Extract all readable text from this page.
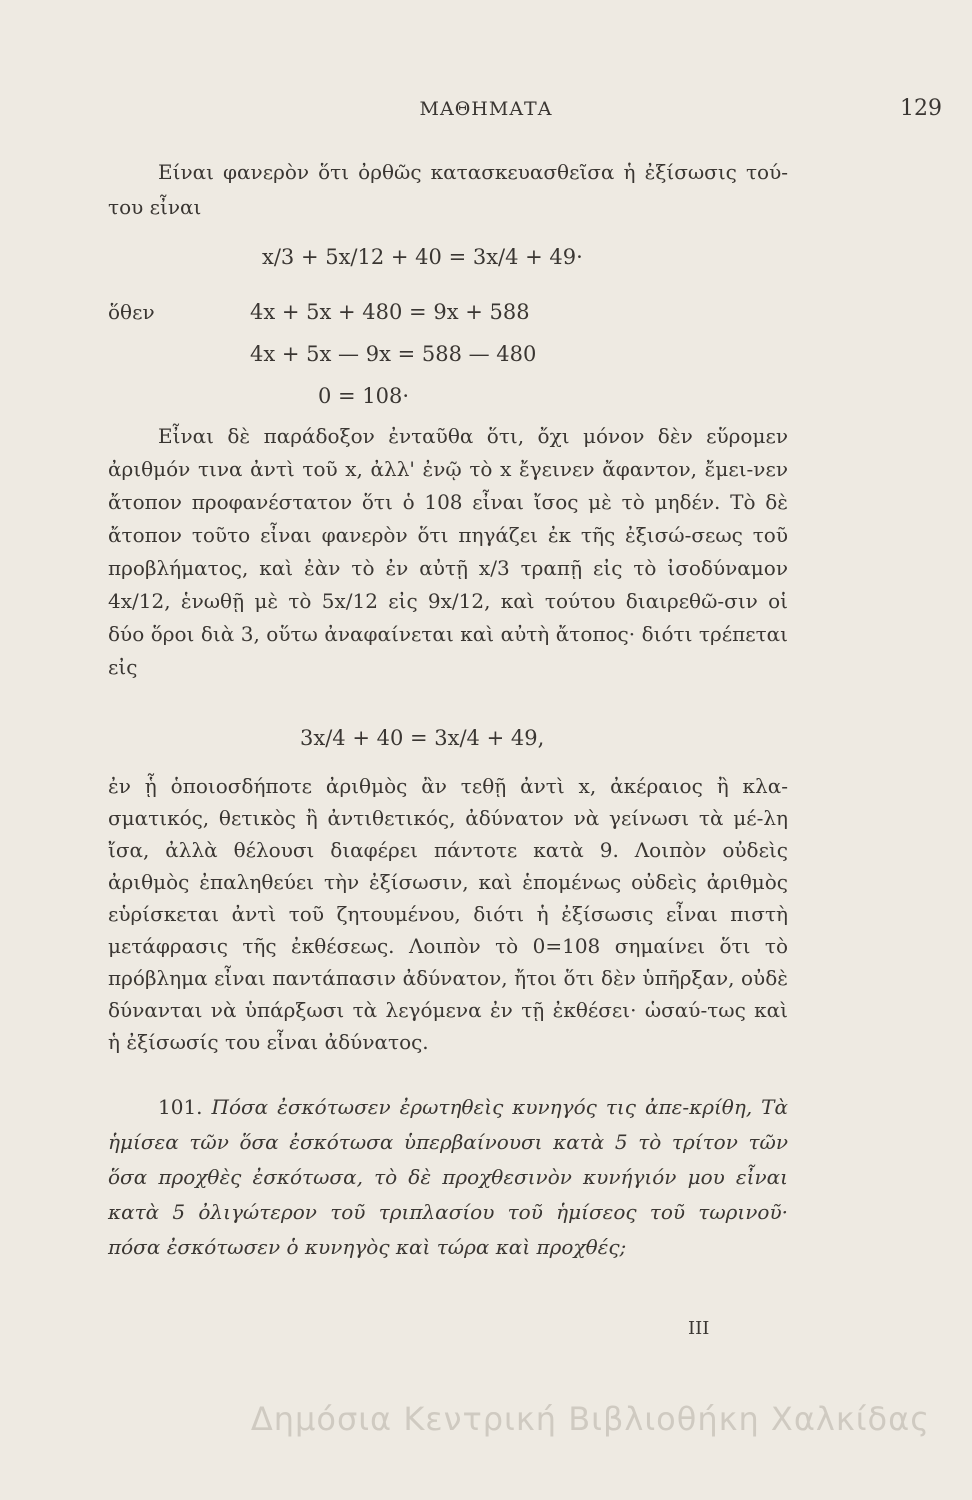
ΜΑΘΗΜΑΤΑ	129
Είναι φανερὸν ὅτι ὀρθῶς κατασκευασθεῖσα ἡ ἐξίσωσις τού-του εἶναι
x/3 + 5x/12 + 40 = 3x/4 + 49·
ὅθεν	4x + 5x + 480 = 9x + 588
4x + 5x — 9x = 588 — 480
0 = 108·
Εἶναι δὲ παράδοξον ἐνταῦθα ὅτι, ὄχι μόνον δὲν εὕρομεν ἀριθμόν τινα ἀντὶ τοῦ x, ἀλλ' ἐνῷ τὸ x ἔγεινεν ἄφαντον, ἔμει-νεν ἄτοπον προφανέστατον ὅτι ὁ 108 εἶναι ἴσος μὲ τὸ μηδέν. Τὸ δὲ ἄτοπον τοῦτο εἶναι φανερὸν ὅτι πηγάζει ἐκ τῆς ἐξισώ-σεως τοῦ προβλήματος, καὶ ἐὰν τὸ ἐν αὐτῇ x/3 τραπῇ εἰς τὸ ἰσοδύναμον 4x/12, ἑνωθῇ μὲ τὸ 5x/12 εἰς 9x/12, καὶ τούτου διαιρεθῶ-σιν οἱ δύο ὅροι διὰ 3, οὕτω ἀναφαίνεται καὶ αὐτὴ ἄτοπος· διότι τρέπεται εἰς
3x/4 + 40 = 3x/4 + 49,
ἐν ᾗ ὁποιοσδήποτε ἀριθμὸς ἂν τεθῇ ἀντὶ x, ἀκέραιος ἢ κλα-σματικός, θετικὸς ἢ ἀντιθετικός, ἀδύνατον νὰ γείνωσι τὰ μέ-λη ἴσα, ἀλλὰ θέλουσι διαφέρει πάντοτε κατὰ 9. Λοιπὸν οὐδεὶς ἀριθμὸς ἐπαληθεύει τὴν ἐξίσωσιν, καὶ ἑπομένως οὐδεὶς ἀριθμὸς εὑρίσκεται ἀντὶ τοῦ ζητουμένου, διότι ἡ ἐξίσωσις εἶναι πιστὴ μετάφρασις τῆς ἐκθέσεως. Λοιπὸν τὸ 0=108 σημαίνει ὅτι τὸ πρόβλημα εἶναι παντάπασιν ἀδύνατον, ἤτοι ὅτι δὲν ὑπῆρξαν, οὐδὲ δύνανται νὰ ὑπάρξωσι τὰ λεγόμενα ἐν τῇ ἐκθέσει· ὡσαύ-τως καὶ ἡ ἐξίσωσίς του εἶναι ἀδύνατος.
101. Πόσα ἐσκότωσεν ἐρωτηθεὶς κυνηγός τις ἀπε-κρίθη, Τὰ ἡμίσεα τῶν ὅσα ἐσκότωσα ὑπερβαίνουσι κατὰ 5 τὸ τρίτον τῶν ὅσα προχθὲς ἐσκότωσα, τὸ δὲ προχθεσινὸν κυνήγιόν μου εἶναι κατὰ 5 ὀλιγώτερον τοῦ τριπλασίου τοῦ ἡμίσεος τοῦ τωρινοῦ· πόσα ἐσκότωσεν ὁ κυνηγὸς καὶ τώρα καὶ προχθές;
III
Δημόσια Κεντρική Βιβλιοθήκη Χαλκίδας
